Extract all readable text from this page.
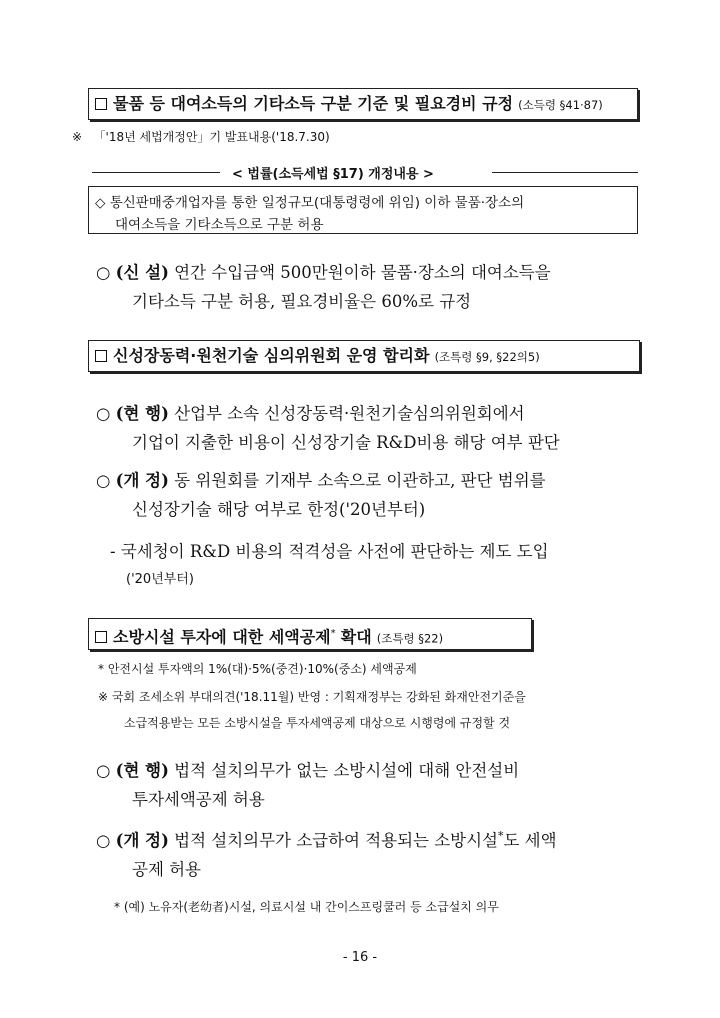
물품 등 대여소득의 기타소득 구분 기준 및 필요경비 규정 (소득령 §41·87)
※ 「'18년 세법개정안」기 발표내용('18.7.30)
< 법률(소득세법 §17) 개정내용 >
◇ 통신판매중개업자를 통한 일정규모(대통령령에 위임) 이하 물품·장소의
대여소득을 기타소득으로 구분 허용
○ (신 설) 연간 수입금액 500만원이하 물품·장소의 대여소득을
기타소득 구분 허용, 필요경비율은 60%로 규정
신성장동력·원천기술 심의위원회 운영 합리화 (조특령 §9, §22의5)
○ (현 행) 산업부 소속 신성장동력·원천기술심의위원회에서
기업이 지출한 비용이 신성장기술 R&D비용 해당 여부 판단
○ (개 정) 동 위원회를 기재부 소속으로 이관하고, 판단 범위를
신성장기술 해당 여부로 한정('20년부터)
- 국세청이 R&D 비용의 적격성을 사전에 판단하는 제도 도입
('20년부터)
소방시설 투자에 대한 세액공제* 확대 (조특령 §22)
* 안전시설 투자액의 1%(대)·5%(중견)·10%(중소) 세액공제
※ 국회 조세소위 부대의견('18.11월) 반영 : 기획재정부는 강화된 화재안전기준을
소급적용받는 모든 소방시설을 투자세액공제 대상으로 시행령에 규정할 것
○ (현 행) 법적 설치의무가 없는 소방시설에 대해 안전설비
투자세액공제 허용
○ (개 정) 법적 설치의무가 소급하여 적용되는 소방시설*도 세액
공제 허용
* (예) 노유자(老幼者)시설, 의료시설 내 간이스프링쿨러 등 소급설치 의무
- 16 -
